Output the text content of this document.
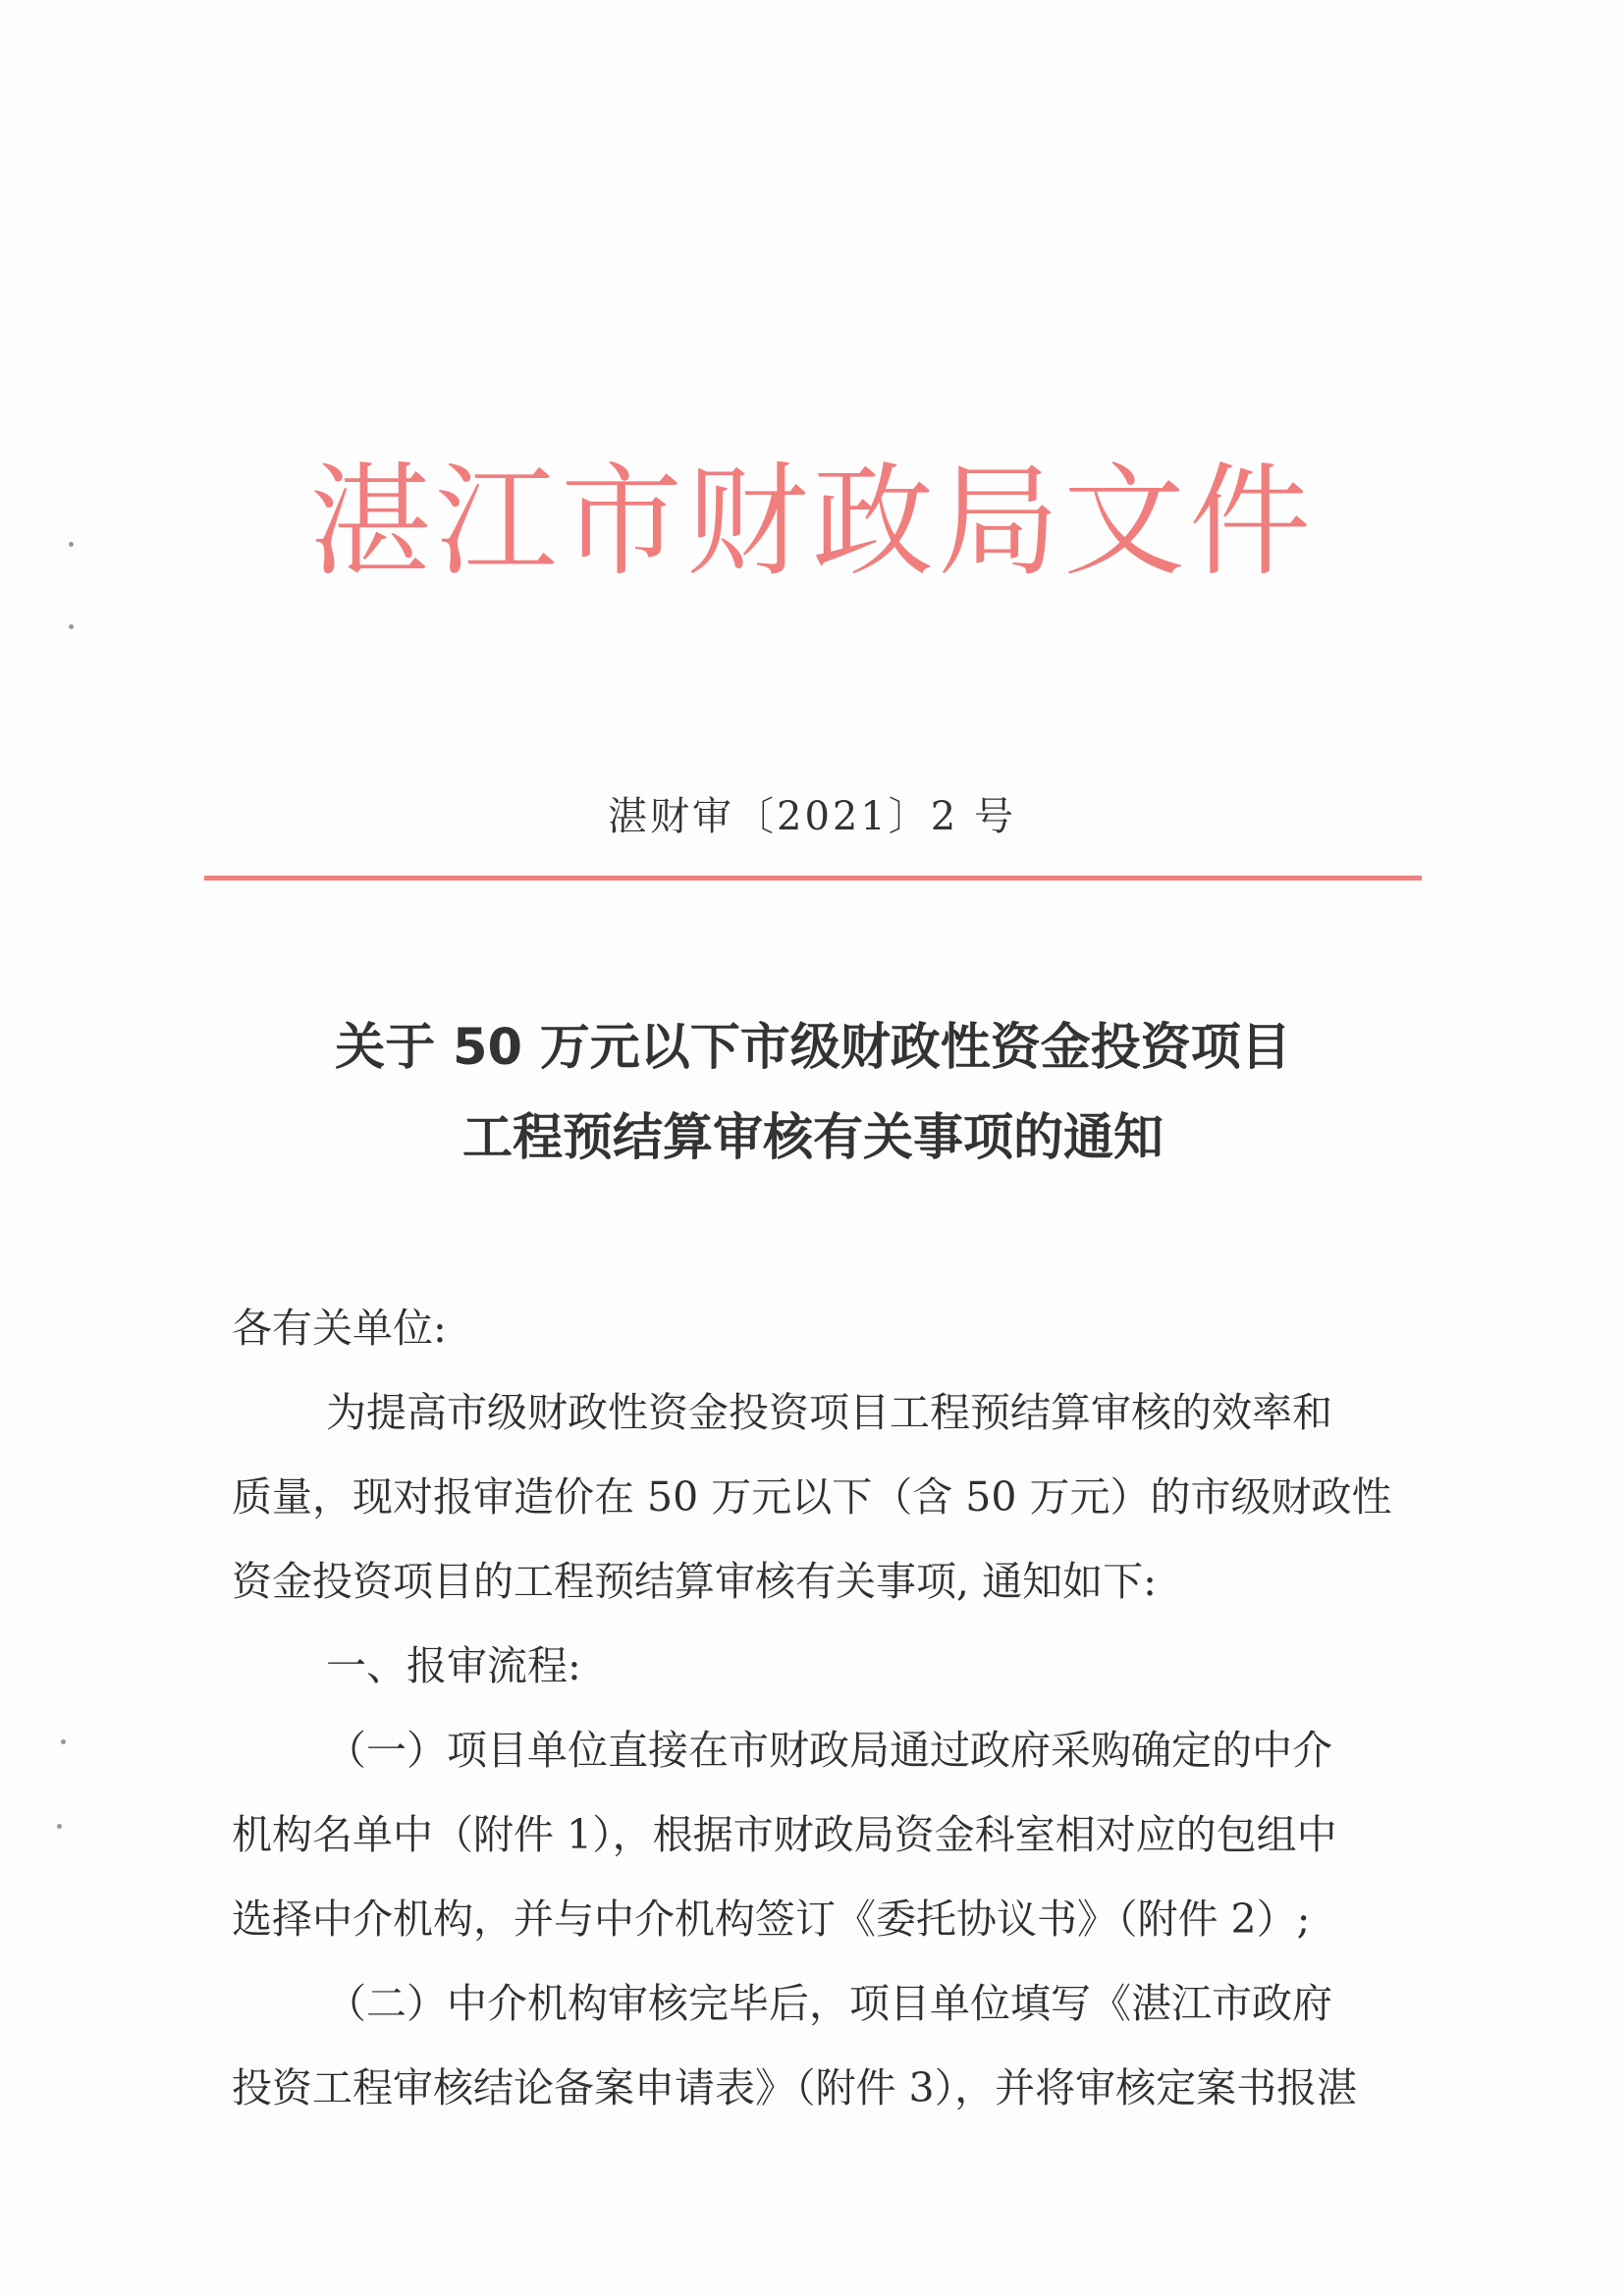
湛江市财政局文件
湛财审〔2021〕2 号
关于 50 万元以下市级财政性资金投资项目
工程预结算审核有关事项的通知
各有关单位:
为提高市级财政性资金投资项目工程预结算审核的效率和
质量，现对报审造价在 50 万元以下（含 50 万元）的市级财政性
资金投资项目的工程预结算审核有关事项, 通知如下:
一、报审流程:
（一）项目单位直接在市财政局通过政府采购确定的中介
机构名单中（附件 1），根据市财政局资金科室相对应的包组中
选择中介机构，并与中介机构签订《委托协议书》（附件 2）;
（二）中介机构审核完毕后，项目单位填写《湛江市政府
投资工程审核结论备案申请表》（附件 3），并将审核定案书报湛
